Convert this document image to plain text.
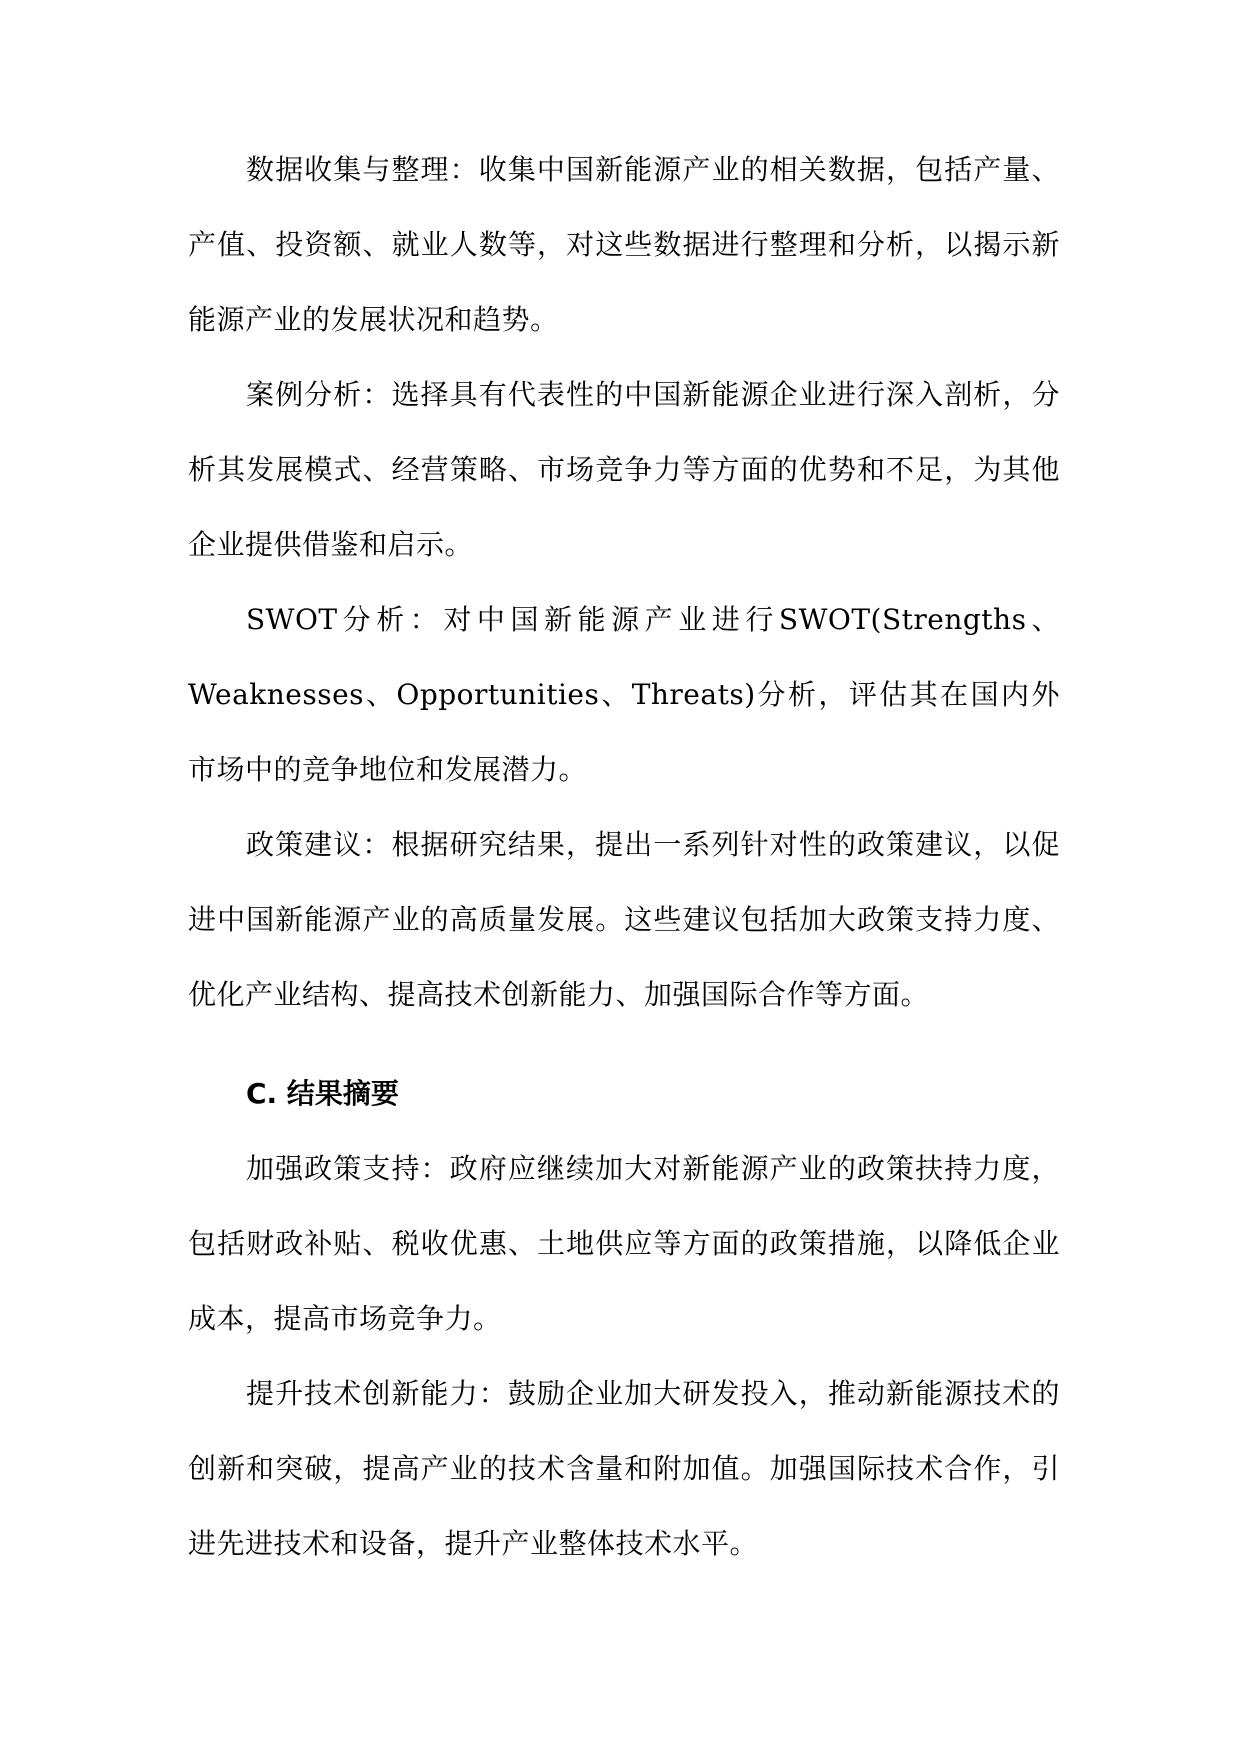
数据收集与整理：收集中国新能源产业的相关数据，包括产量、产值、投资额、就业人数等，对这些数据进行整理和分析，以揭示新能源产业的发展状况和趋势。

案例分析：选择具有代表性的中国新能源企业进行深入剖析，分析其发展模式、经营策略、市场竞争力等方面的优势和不足，为其他企业提供借鉴和启示。

SWOT分析：对中国新能源产业进行SWOT(Strengths、Weaknesses、Opportunities、Threats)分析，评估其在国内外市场中的竞争地位和发展潜力。

政策建议：根据研究结果，提出一系列针对性的政策建议，以促进中国新能源产业的高质量发展。这些建议包括加大政策支持力度、优化产业结构、提高技术创新能力、加强国际合作等方面。

C. 结果摘要

加强政策支持：政府应继续加大对新能源产业的政策扶持力度，包括财政补贴、税收优惠、土地供应等方面的政策措施，以降低企业成本，提高市场竞争力。

提升技术创新能力：鼓励企业加大研发投入，推动新能源技术的创新和突破，提高产业的技术含量和附加值。加强国际技术合作，引进先进技术和设备，提升产业整体技术水平。
